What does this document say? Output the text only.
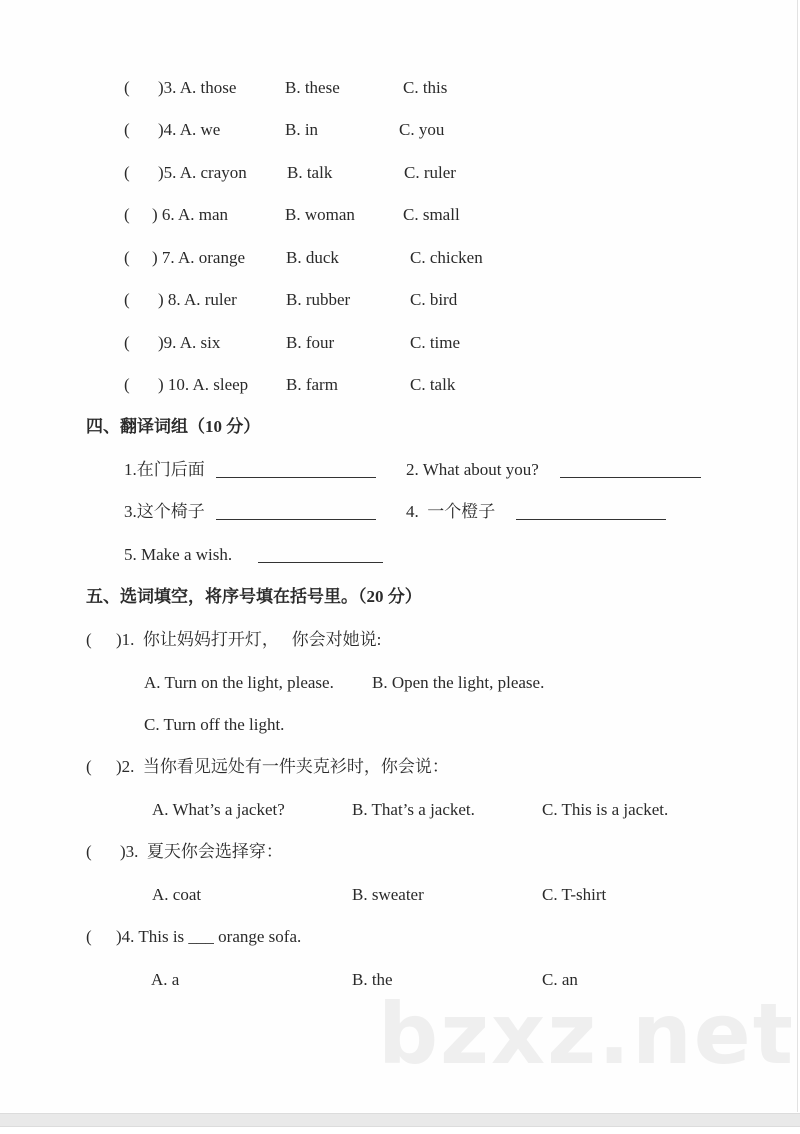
( )3. A. those	B. these	C. this
( )4. A. we	B. in	C. you
( )5. A. crayon B. talk	C. ruler
( ) 6. A. man	B. woman	C. small
( ) 7. A. orange B. duck	C. chicken
( ) 8. A. ruler	B. rubber	C. bird
( )9. A. six	B. four	C. time
( ) 10. A. sleep B. farm	C. talk
四、翻译词组（10 分）
1.在门后面	2. What about you?
3.这个椅子	4.  一个橙子
5. Make a wish.
五、选词填空，将序号填在括号里。（20 分）
( )1.  你让妈妈打开灯，   你会对她说:
A. Turn on the light, please. B. Open the light, please.
C. Turn off the light.
( )2.  当你看见远处有一件夹克衫时，你会说：
A. What’s a jacket?	B. That’s a jacket.	C. This is a jacket.
( )3.  夏天你会选择穿：
A. coat	B. sweater	C. T-shirt
( )4. This is ___ orange sofa.
A. a	B. the	C. an
bzxz.net
